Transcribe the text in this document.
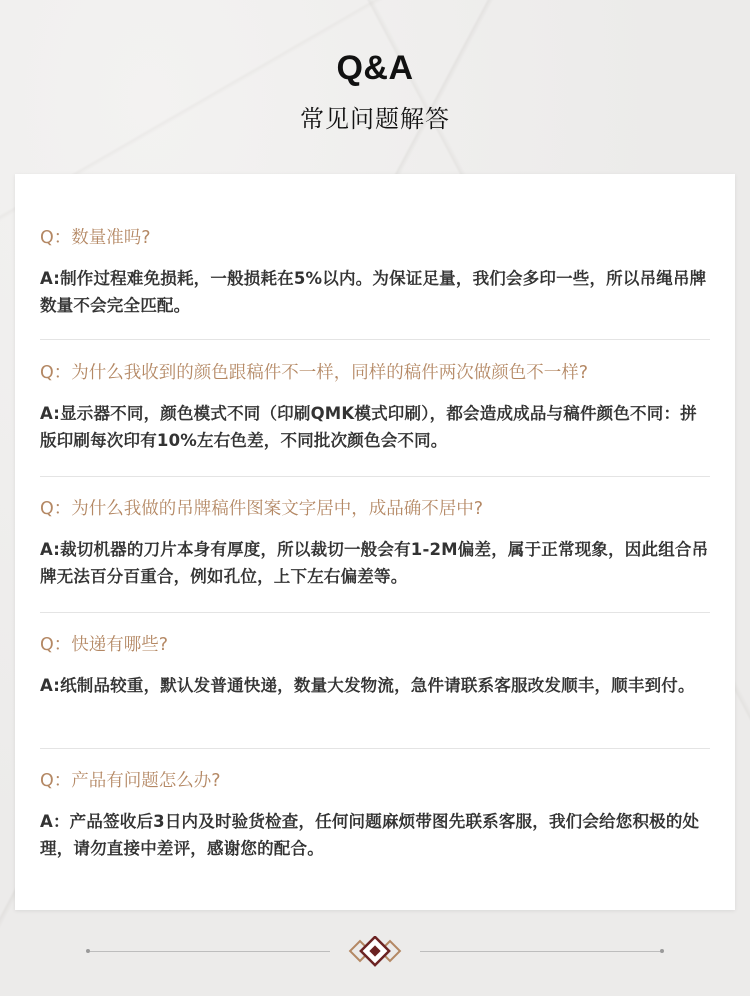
Q&A
常见问题解答
Q：数量准吗?
A:制作过程难免损耗，一般损耗在5%以内。为保证足量，我们会多印一些，所以吊绳吊牌数量不会完全匹配。
Q：为什么我收到的颜色跟稿件不一样，同样的稿件两次做颜色不一样?
A:显示器不同，颜色模式不同（印刷QMK模式印刷），都会造成成品与稿件颜色不同：拼版印刷每次印有10%左右色差，不同批次颜色会不同。
Q：为什么我做的吊牌稿件图案文字居中，成品确不居中?
A:裁切机器的刀片本身有厚度，所以裁切一般会有1-2M偏差，属于正常现象，因此组合吊牌无法百分百重合，例如孔位，上下左右偏差等。
Q：快递有哪些?
A:纸制品较重，默认发普通快递，数量大发物流，急件请联系客服改发顺丰，顺丰到付。
Q：产品有问题怎么办?
A：产品签收后3日内及时验货检查，任何问题麻烦带图先联系客服，我们会给您积极的处理，请勿直接中差评，感谢您的配合。
